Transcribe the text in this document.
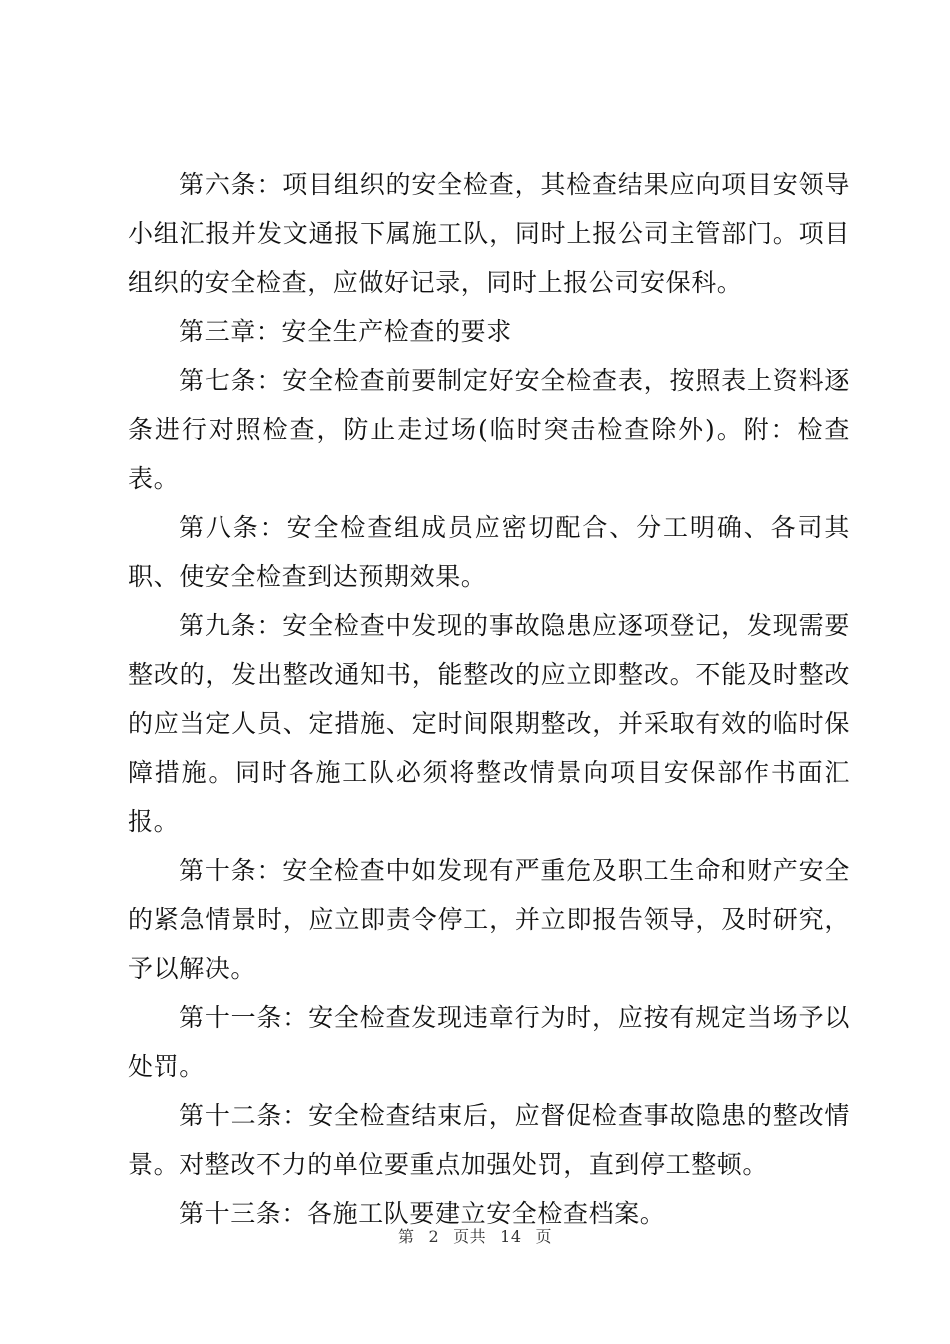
第六条：项目组织的安全检查，其检查结果应向项目安领导小组汇报并发文通报下属施工队，同时上报公司主管部门。项目组织的安全检查，应做好记录，同时上报公司安保科。

第三章：安全生产检查的要求

第七条：安全检查前要制定好安全检查表，按照表上资料逐条进行对照检查，防止走过场(临时突击检查除外)。附：检查表。

第八条：安全检查组成员应密切配合、分工明确、各司其职、使安全检查到达预期效果。

第九条：安全检查中发现的事故隐患应逐项登记，发现需要整改的，发出整改通知书，能整改的应立即整改。不能及时整改的应当定人员、定措施、定时间限期整改，并采取有效的临时保障措施。同时各施工队必须将整改情景向项目安保部作书面汇报。

第十条：安全检查中如发现有严重危及职工生命和财产安全的紧急情景时，应立即责令停工，并立即报告领导，及时研究，予以解决。

第十一条：安全检查发现违章行为时，应按有规定当场予以处罚。

第十二条：安全检查结束后，应督促检查事故隐患的整改情景。对整改不力的单位要重点加强处罚，直到停工整顿。

第十三条：各施工队要建立安全检查档案。

第 2 页共 14 页
